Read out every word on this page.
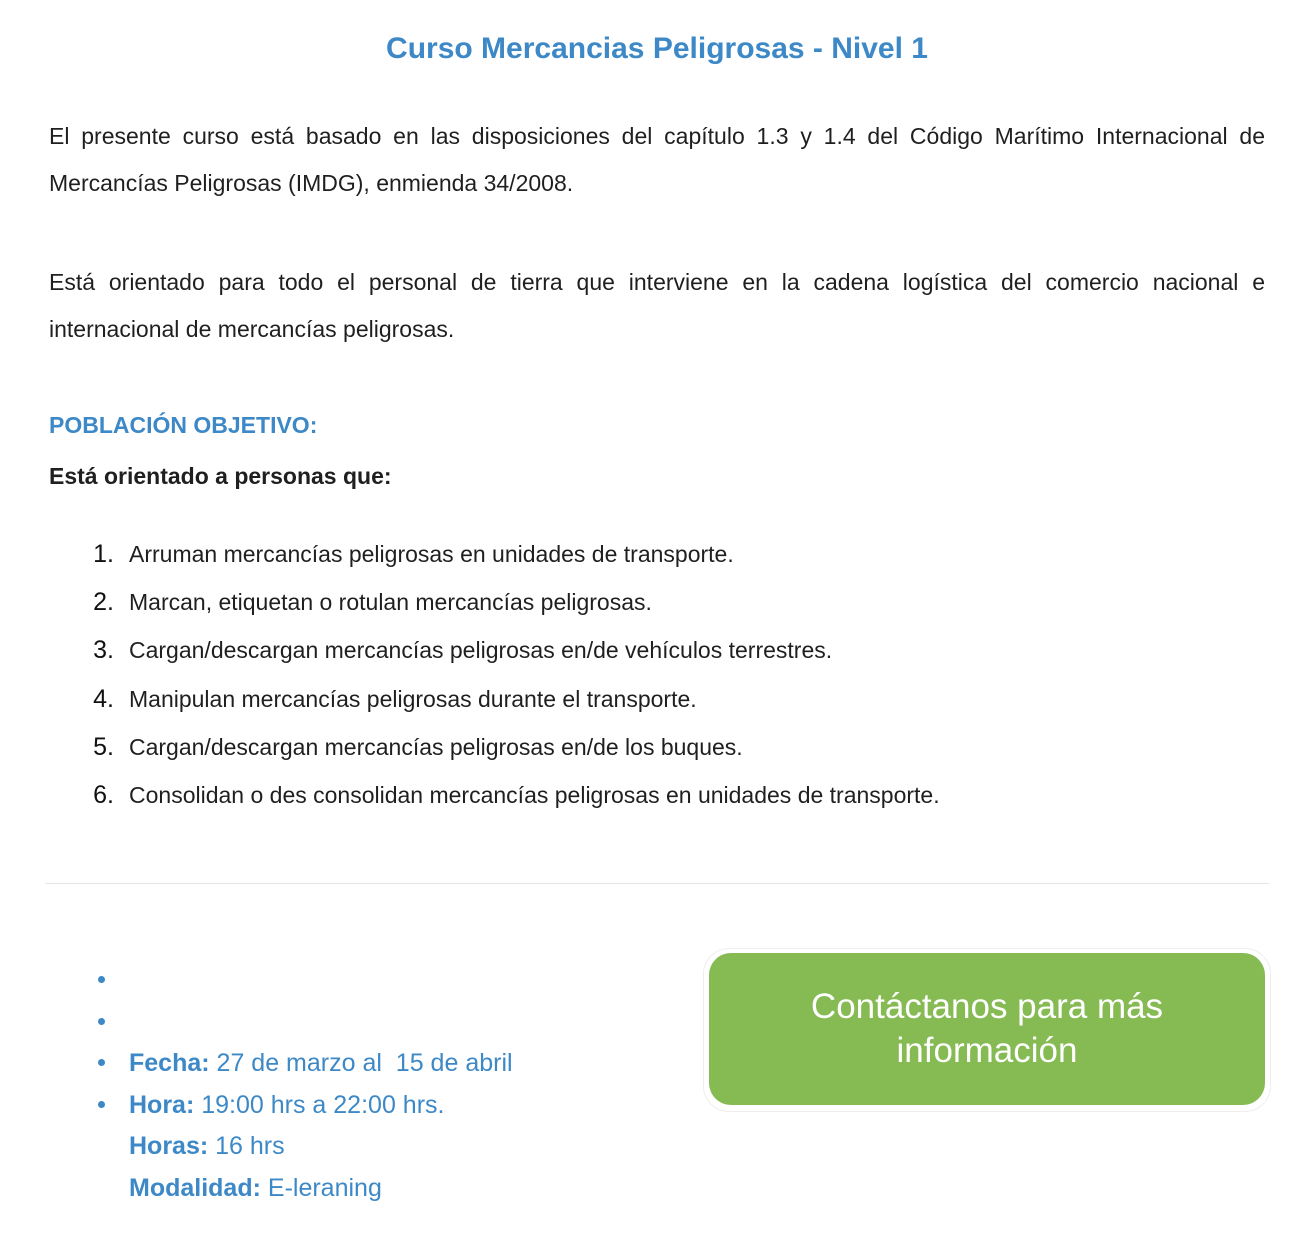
Curso Mercancias Peligrosas - Nivel 1

El presente curso está basado en las disposiciones del capítulo 1.3 y 1.4 del Código Marítimo Internacional de Mercancías Peligrosas (IMDG), enmienda 34/2008.

Está orientado para todo el personal de tierra que interviene en la cadena logística del comercio nacional e internacional de mercancías peligrosas.

POBLACIÓN OBJETIVO:

Está orientado a personas que:

1. Arruman mercancías peligrosas en unidades de transporte.
2. Marcan, etiquetan o rotulan mercancías peligrosas.
3. Cargan/descargan mercancías peligrosas en/de vehículos terrestres.
4. Manipulan mercancías peligrosas durante el transporte.
5. Cargan/descargan mercancías peligrosas en/de los buques.
6. Consolidan o des consolidan mercancías peligrosas en unidades de transporte.

Fecha: 27 de marzo al  15 de abril

Hora: 19:00 hrs a 22:00 hrs.

Horas: 16 hrs

Modalidad: E-leraning

Contáctanos para más información
